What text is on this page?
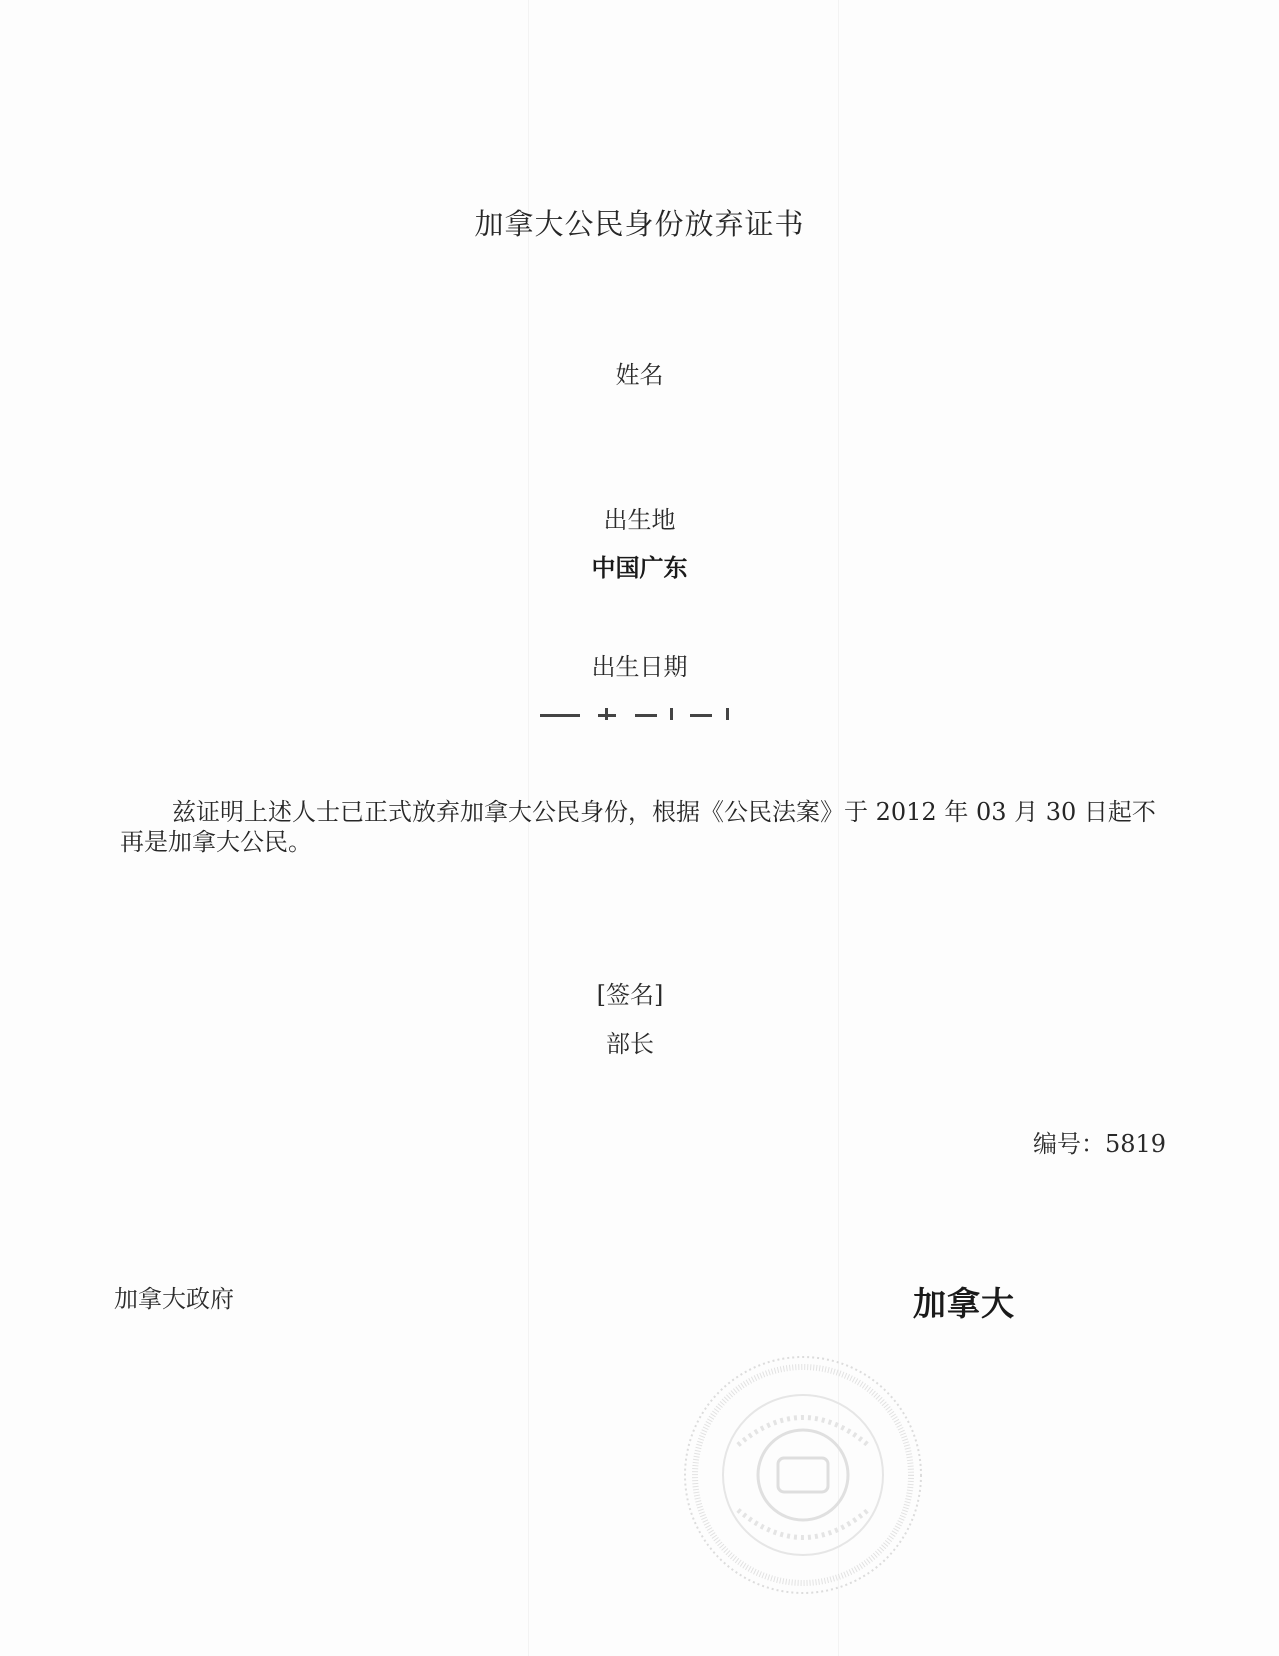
加拿大公民身份放弃证书
姓名
出生地
中国广东
出生日期
兹证明上述人士已正式放弃加拿大公民身份，根据《公民法案》于 2012 年 03 月 30 日起不再是加拿大公民。
[签名]
部长
编号：5819
加拿大政府	加拿大
